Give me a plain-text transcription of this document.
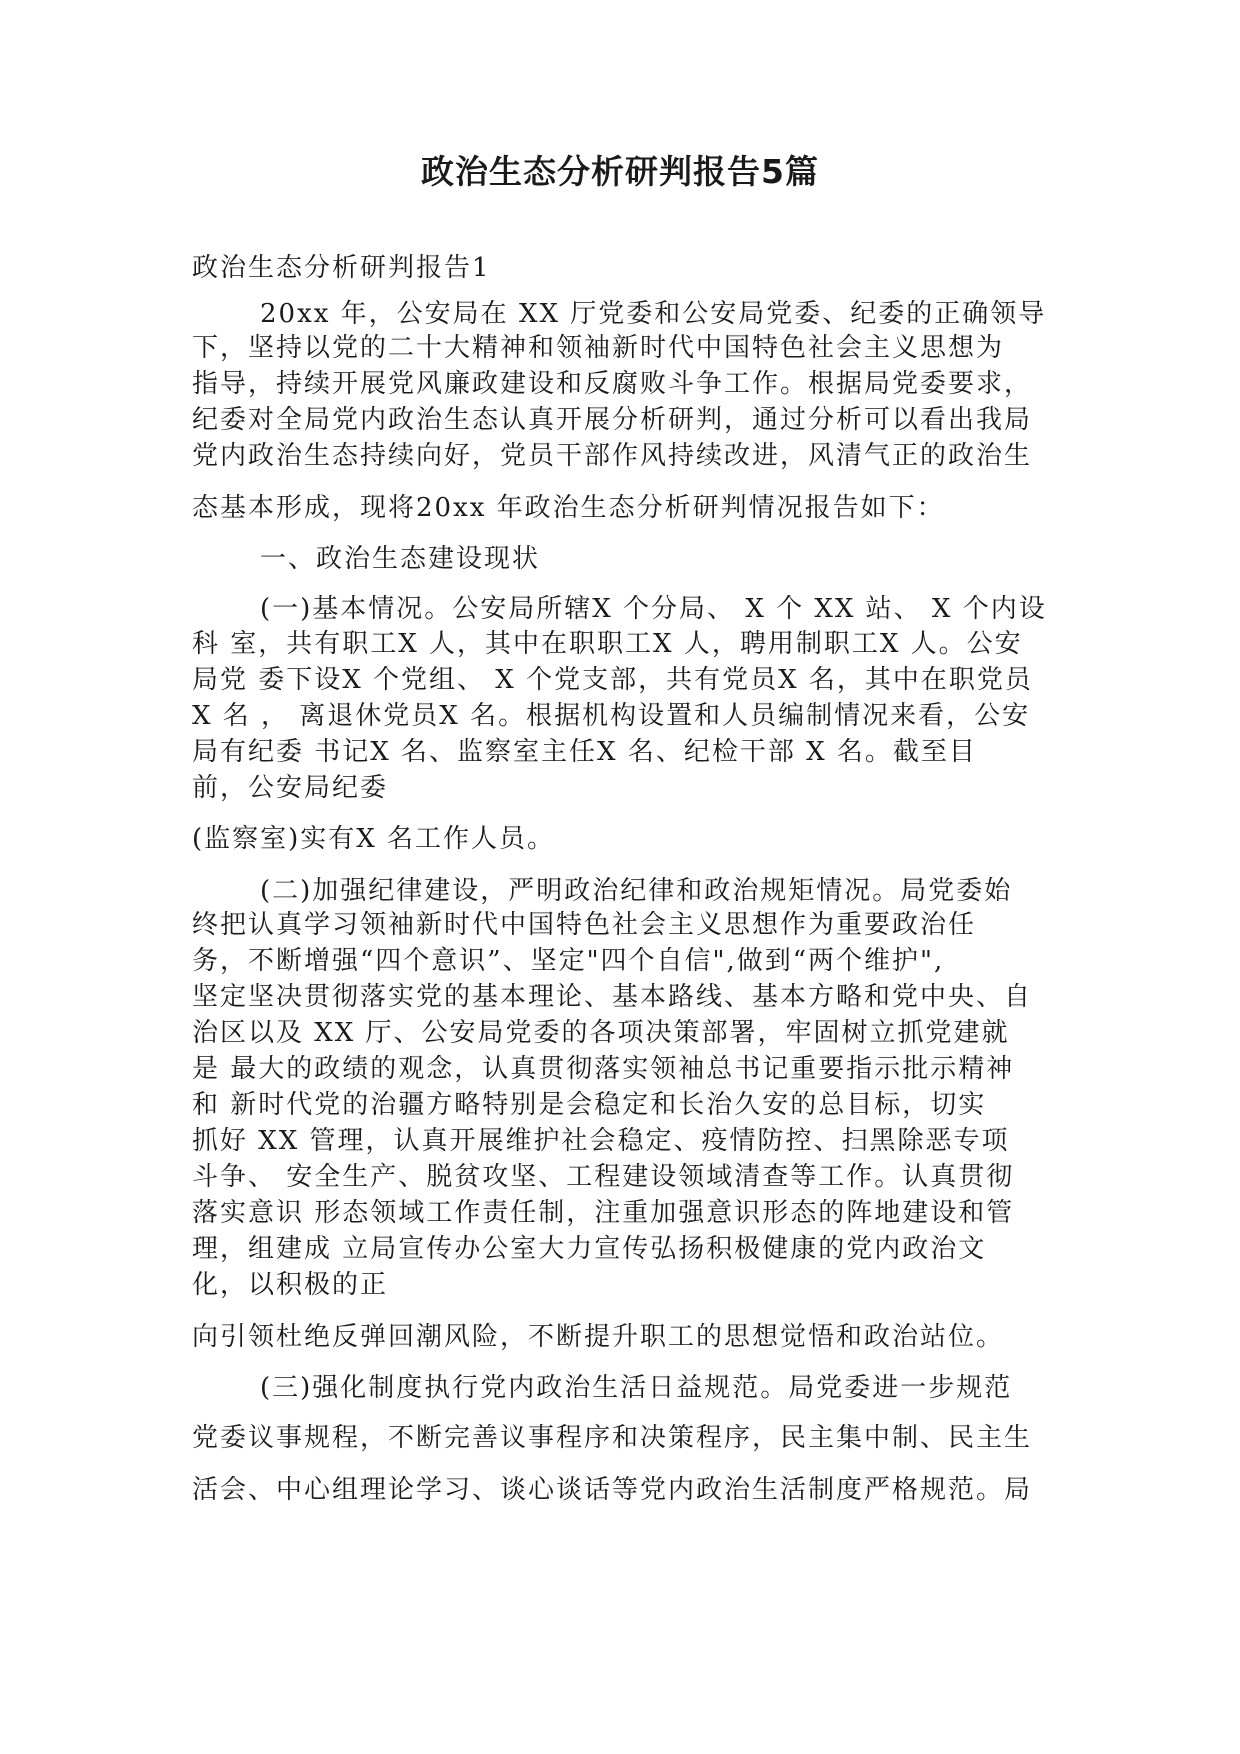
政治生态分析研判报告5篇
政治生态分析研判报告1
20xx 年，公安局在 XX 厅党委和公安局党委、纪委的正确领导
下，坚持以党的二十大精神和领袖新时代中国特色社会主义思想为
指导，持续开展党风廉政建设和反腐败斗争工作。根据局党委要求，
纪委对全局党内政治生态认真开展分析研判，通过分析可以看出我局
党内政治生态持续向好，党员干部作风持续改进，风清气正的政治生
态基本形成，现将20xx 年政治生态分析研判情况报告如下：
一、政治生态建设现状
(一)基本情况。公安局所辖X 个分局、 X 个 XX 站、 X 个内设
科 室，共有职工X 人，其中在职职工X 人，聘用制职工X 人。公安
局党 委下设X 个党组、 X 个党支部，共有党员X 名，其中在职党员
X 名 ， 离退休党员X 名。根据机构设置和人员编制情况来看，公安
局有纪委 书记X 名、监察室主任X 名、纪检干部 X 名。截至目
前，公安局纪委
(监察室)实有X 名工作人员。
(二)加强纪律建设，严明政治纪律和政治规矩情况。局党委始
终把认真学习领袖新时代中国特色社会主义思想作为重要政治任
务，不断增强“四个意识”、坚定"四个自信",做到“两个维护",
坚定坚决贯彻落实党的基本理论、基本路线、基本方略和党中央、自
治区以及 XX 厅、公安局党委的各项决策部署，牢固树立抓党建就
是 最大的政绩的观念，认真贯彻落实领袖总书记重要指示批示精神
和 新时代党的治疆方略特别是会稳定和长治久安的总目标，切实
抓好 XX 管理，认真开展维护社会稳定、疫情防控、扫黑除恶专项
斗争、 安全生产、脱贫攻坚、工程建设领域清查等工作。认真贯彻
落实意识 形态领域工作责任制，注重加强意识形态的阵地建设和管
理，组建成 立局宣传办公室大力宣传弘扬积极健康的党内政治文
化，以积极的正
向引领杜绝反弹回潮风险，不断提升职工的思想觉悟和政治站位。
(三)强化制度执行党内政治生活日益规范。局党委进一步规范
党委议事规程，不断完善议事程序和决策程序，民主集中制、民主生
活会、中心组理论学习、谈心谈话等党内政治生活制度严格规范。局
